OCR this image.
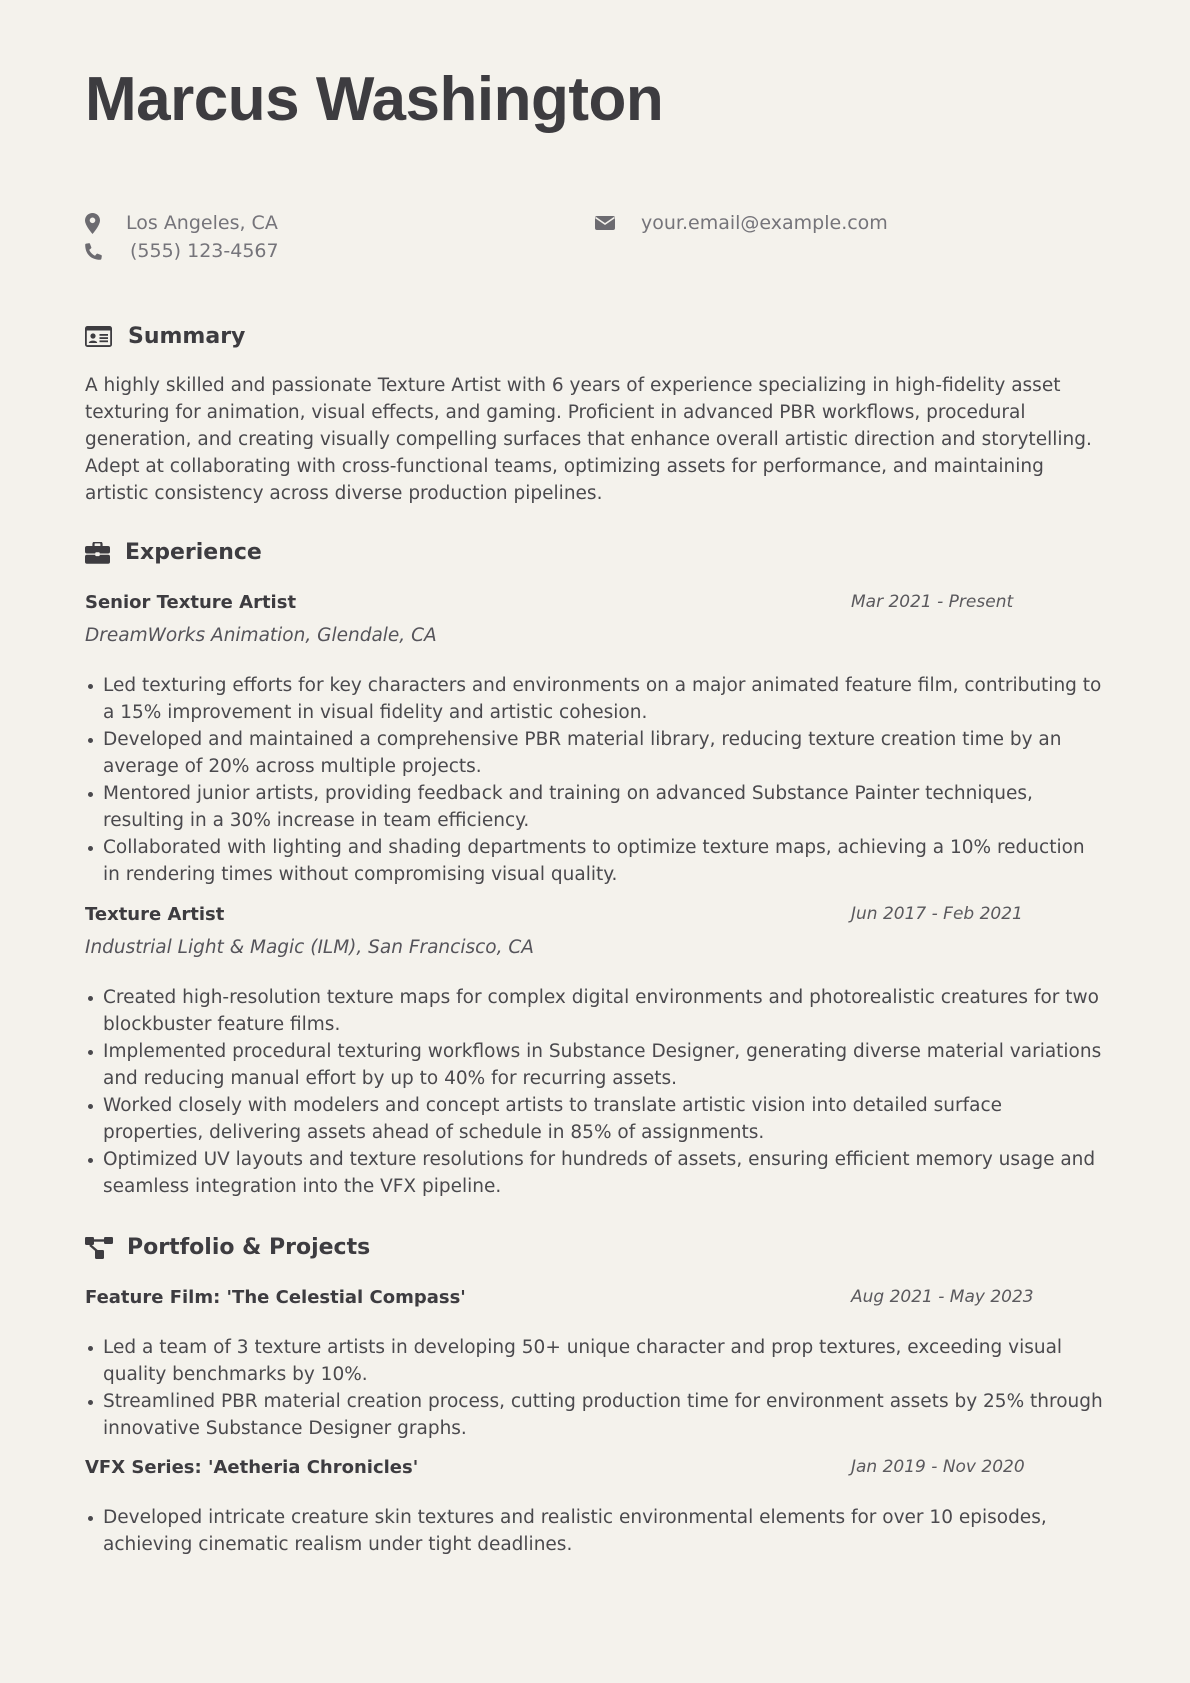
Marcus Washington
Los Angeles, CA
(555) 123-4567
your.email@example.com
Summary

A highly skilled and passionate Texture Artist with 6 years of experience specializing in high-fidelity asset texturing for animation, visual effects, and gaming. Proficient in advanced PBR workflows, procedural generation, and creating visually compelling surfaces that enhance overall artistic direction and storytelling. Adept at collaborating with cross-functional teams, optimizing assets for performance, and maintaining artistic consistency across diverse production pipelines.

Experience
Senior Texture Artist	Mar 2021 - Present
DreamWorks Animation, Glendale, CA
Led texturing efforts for key characters and environments on a major animated feature film, contributing to a 15% improvement in visual fidelity and artistic cohesion.
Developed and maintained a comprehensive PBR material library, reducing texture creation time by an average of 20% across multiple projects.
Mentored junior artists, providing feedback and training on advanced Substance Painter techniques, resulting in a 30% increase in team efficiency.
Collaborated with lighting and shading departments to optimize texture maps, achieving a 10% reduction in rendering times without compromising visual quality.
Texture Artist	Jun 2017 - Feb 2021
Industrial Light & Magic (ILM), San Francisco, CA
Created high-resolution texture maps for complex digital environments and photorealistic creatures for two blockbuster feature films.
Implemented procedural texturing workflows in Substance Designer, generating diverse material variations and reducing manual effort by up to 40% for recurring assets.
Worked closely with modelers and concept artists to translate artistic vision into detailed surface properties, delivering assets ahead of schedule in 85% of assignments.
Optimized UV layouts and texture resolutions for hundreds of assets, ensuring efficient memory usage and seamless integration into the VFX pipeline.
Portfolio & Projects
Feature Film: 'The Celestial Compass'	Aug 2021 - May 2023
Led a team of 3 texture artists in developing 50+ unique character and prop textures, exceeding visual quality benchmarks by 10%.
Streamlined PBR material creation process, cutting production time for environment assets by 25% through innovative Substance Designer graphs.
VFX Series: 'Aetheria Chronicles'	Jan 2019 - Nov 2020
Developed intricate creature skin textures and realistic environmental elements for over 10 episodes, achieving cinematic realism under tight deadlines.
